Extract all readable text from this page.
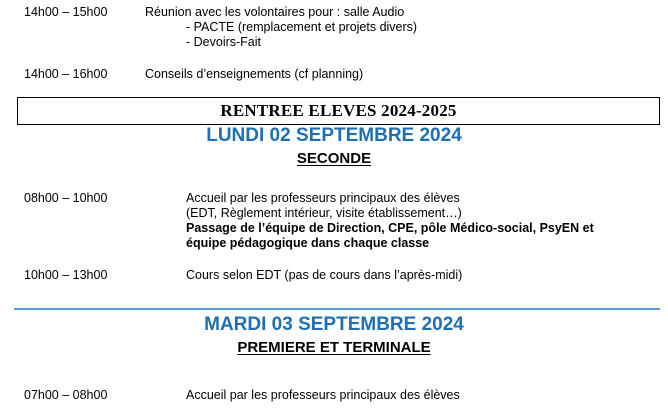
14h00 – 15h00	Réunion avec les volontaires pour : salle Audio
- PACTE (remplacement et projets divers)
- Devoirs-Fait
14h00 – 16h00	Conseils d’enseignements (cf planning)
RENTREE ELEVES 2024-2025
LUNDI 02 SEPTEMBRE 2024
SECONDE
08h00 – 10h00	Accueil par les professeurs principaux des élèves
(EDT, Règlement intérieur, visite établissement…)
Passage de l’équipe de Direction, CPE, pôle Médico-social, PsyEN et
équipe pédagogique dans chaque classe
10h00 – 13h00	Cours selon EDT (pas de cours dans l’après-midi)
MARDI 03 SEPTEMBRE 2024
PREMIERE ET TERMINALE
07h00 – 08h00	Accueil par les professeurs principaux des élèves
